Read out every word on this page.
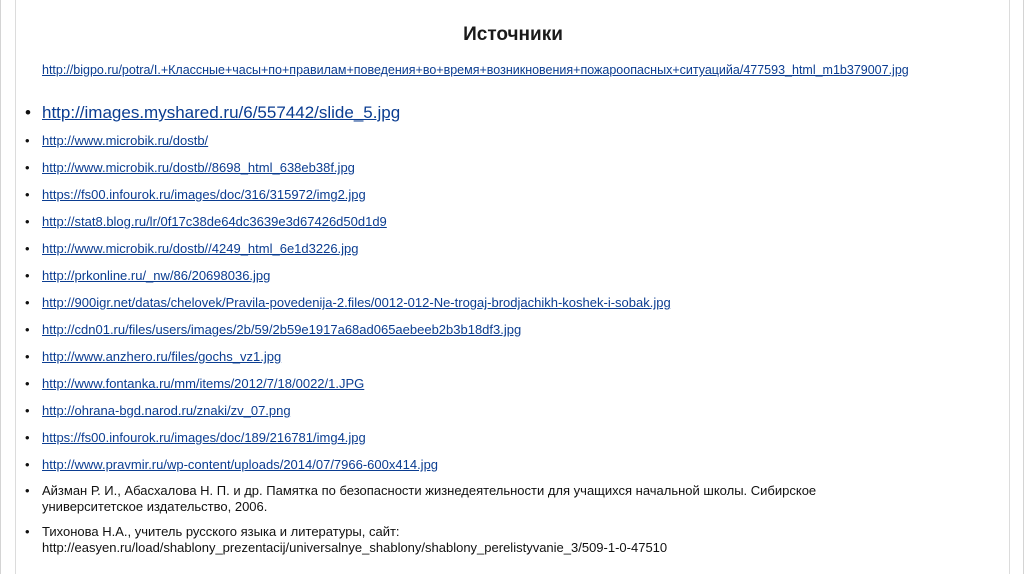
Источники
http://bigpo.ru/potra/I.+Классные+часы+по+правилам+поведения+во+время+возникновения+пожароопасных+ситуацийа/477593_html_m1b379007.jpg
• http://images.myshared.ru/6/557442/slide_5.jpg
• http://www.microbik.ru/dostb/
• http://www.microbik.ru/dostb//8698_html_638eb38f.jpg
• https://fs00.infourok.ru/images/doc/316/315972/img2.jpg
• http://stat8.blog.ru/lr/0f17c38de64dc3639e3d67426d50d1d9
• http://www.microbik.ru/dostb//4249_html_6e1d3226.jpg
• http://prkonline.ru/_nw/86/20698036.jpg
• http://900igr.net/datas/chelovek/Pravila-povedenija-2.files/0012-012-Ne-trogaj-brodjachikh-koshek-i-sobak.jpg
• http://cdn01.ru/files/users/images/2b/59/2b59e1917a68ad065aebeeb2b3b18df3.jpg
• http://www.anzhero.ru/files/gochs_vz1.jpg
• http://www.fontanka.ru/mm/items/2012/7/18/0022/1.JPG
• http://ohrana-bgd.narod.ru/znaki/zv_07.png
• https://fs00.infourok.ru/images/doc/189/216781/img4.jpg
• http://www.pravmir.ru/wp-content/uploads/2014/07/7966-600x414.jpg
• Айзман Р. И., Абасхалова Н. П. и др. Памятка по безопасности жизнедеятельности для учащихся начальной школы. Сибирское
университетское издательство, 2006.
• Тихонова Н.А., учитель русского языка и литературы, сайт:
http://easyen.ru/load/shablony_prezentacij/universalnye_shablony/shablony_perelistyvanie_3/509-1-0-47510
